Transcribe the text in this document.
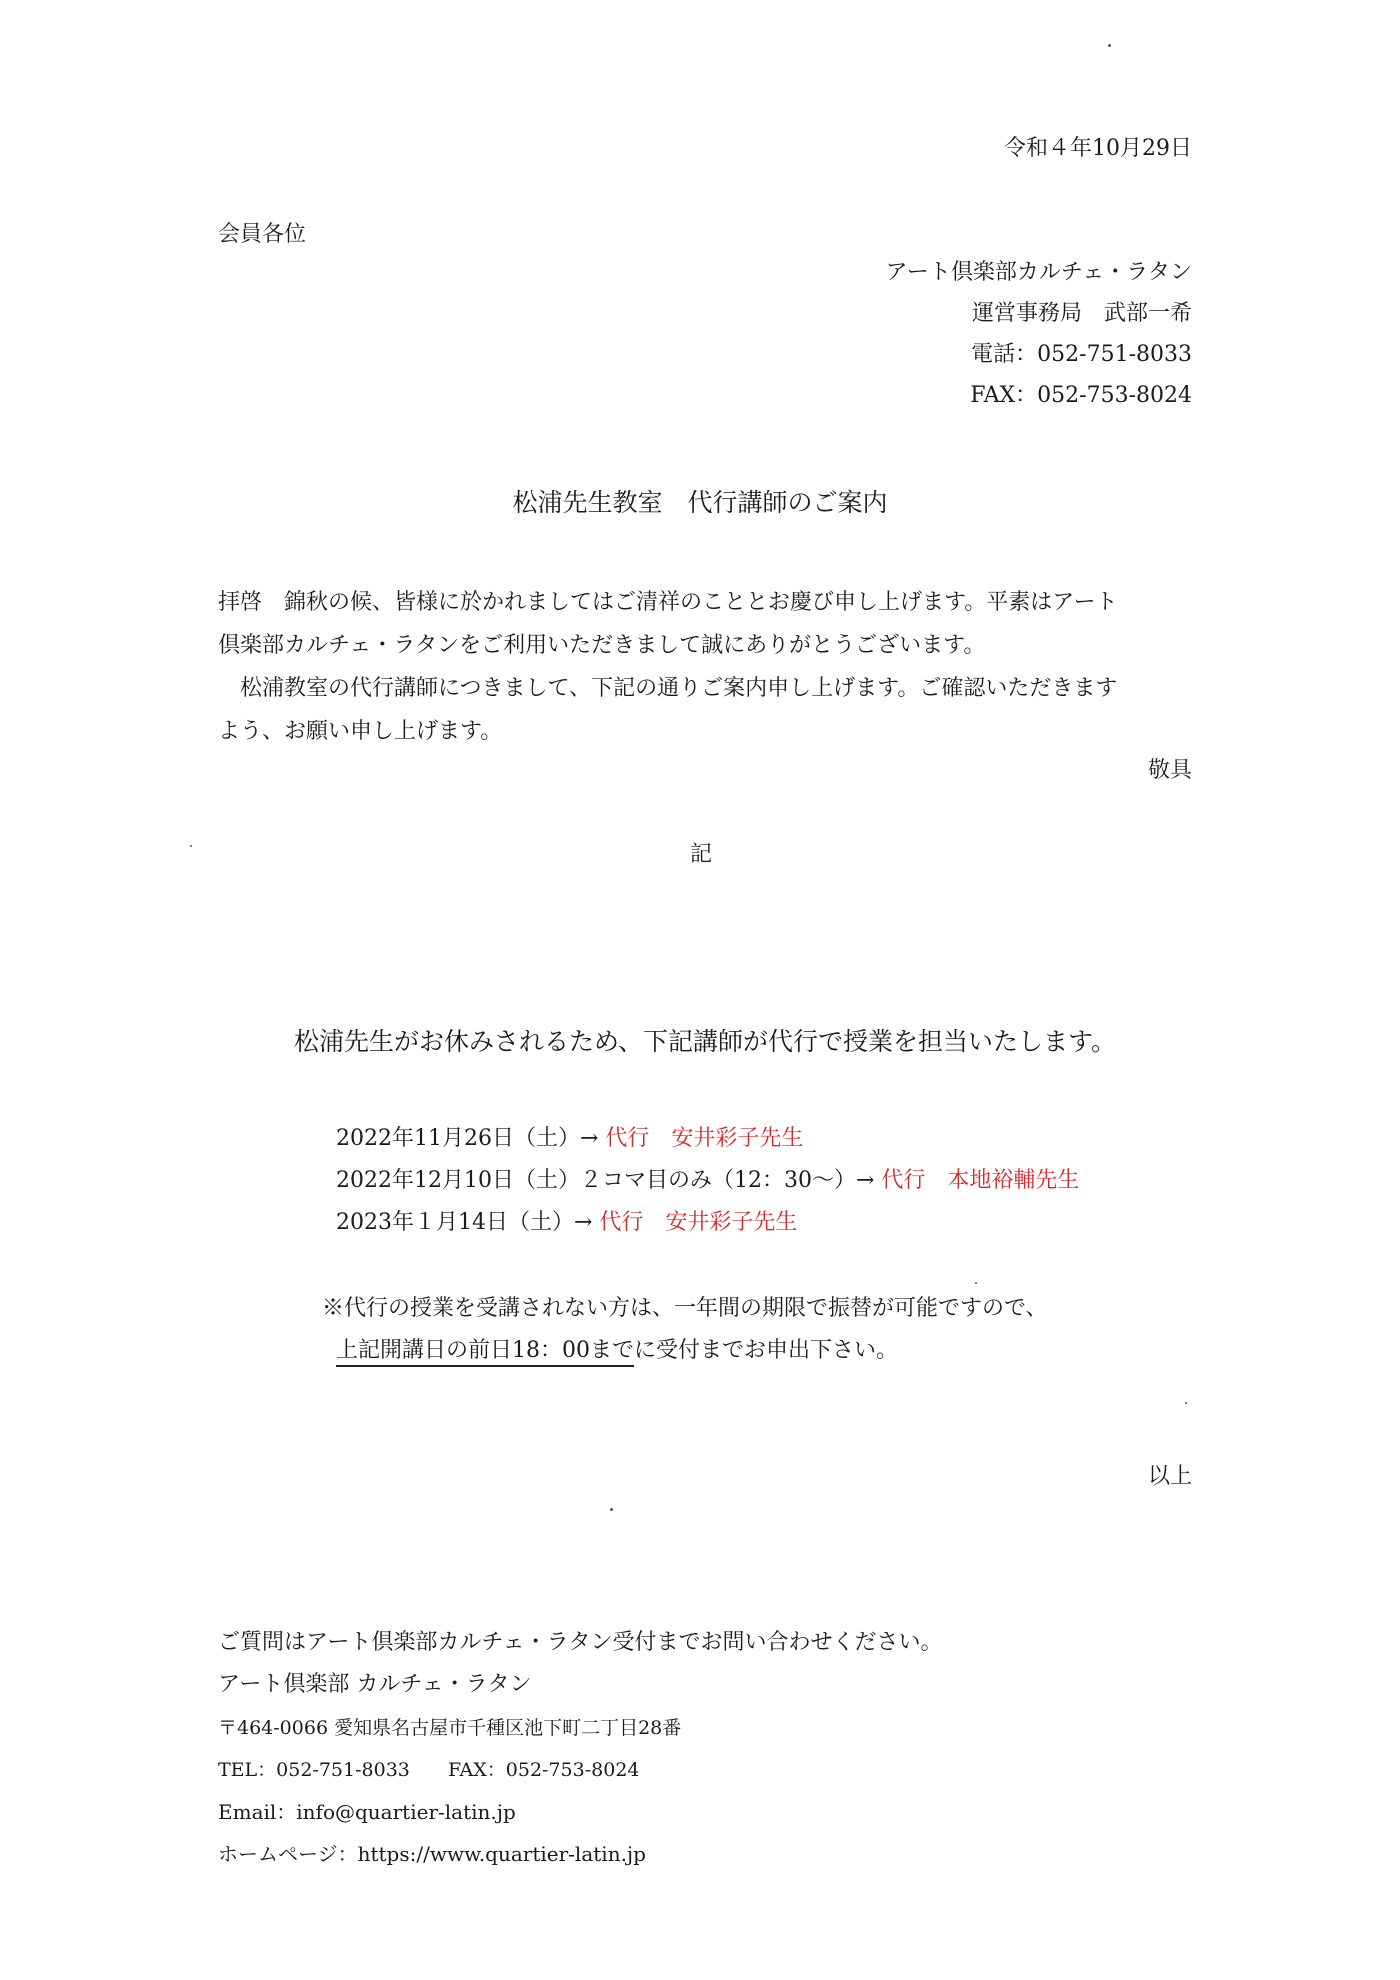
令和４年10月29日
会員各位
アート倶楽部カルチェ・ラタン
運営事務局　武部一希
電話：052-751-8033
FAX：052-753-8024
松浦先生教室　代行講師のご案内
拝啓　錦秋の候、皆様に於かれましてはご清祥のこととお慶び申し上げます。平素はアート
倶楽部カルチェ・ラタンをご利用いただきまして誠にありがとうございます。
　松浦教室の代行講師につきまして、下記の通りご案内申し上げます。ご確認いただきます
よう、お願い申し上げます。
敬具
記
松浦先生がお休みされるため、下記講師が代行で授業を担当いたします。
2022年11月26日（土）→ 代行　安井彩子先生
2022年12月10日（土）２コマ目のみ（12：30〜）→ 代行　本地裕輔先生
2023年１月14日（土）→ 代行　安井彩子先生
※代行の授業を受講されない方は、一年間の期限で振替が可能ですので、
上記開講日の前日18：00までに受付までお申出下さい。
以上
ご質問はアート倶楽部カルチェ・ラタン受付までお問い合わせください。
アート倶楽部 カルチェ・ラタン
〒464-0066 愛知県名古屋市千種区池下町二丁目28番
TEL：052-751-8033 FAX：052-753-8024
Email：info@quartier-latin.jp
ホームページ：https://www.quartier-latin.jp
